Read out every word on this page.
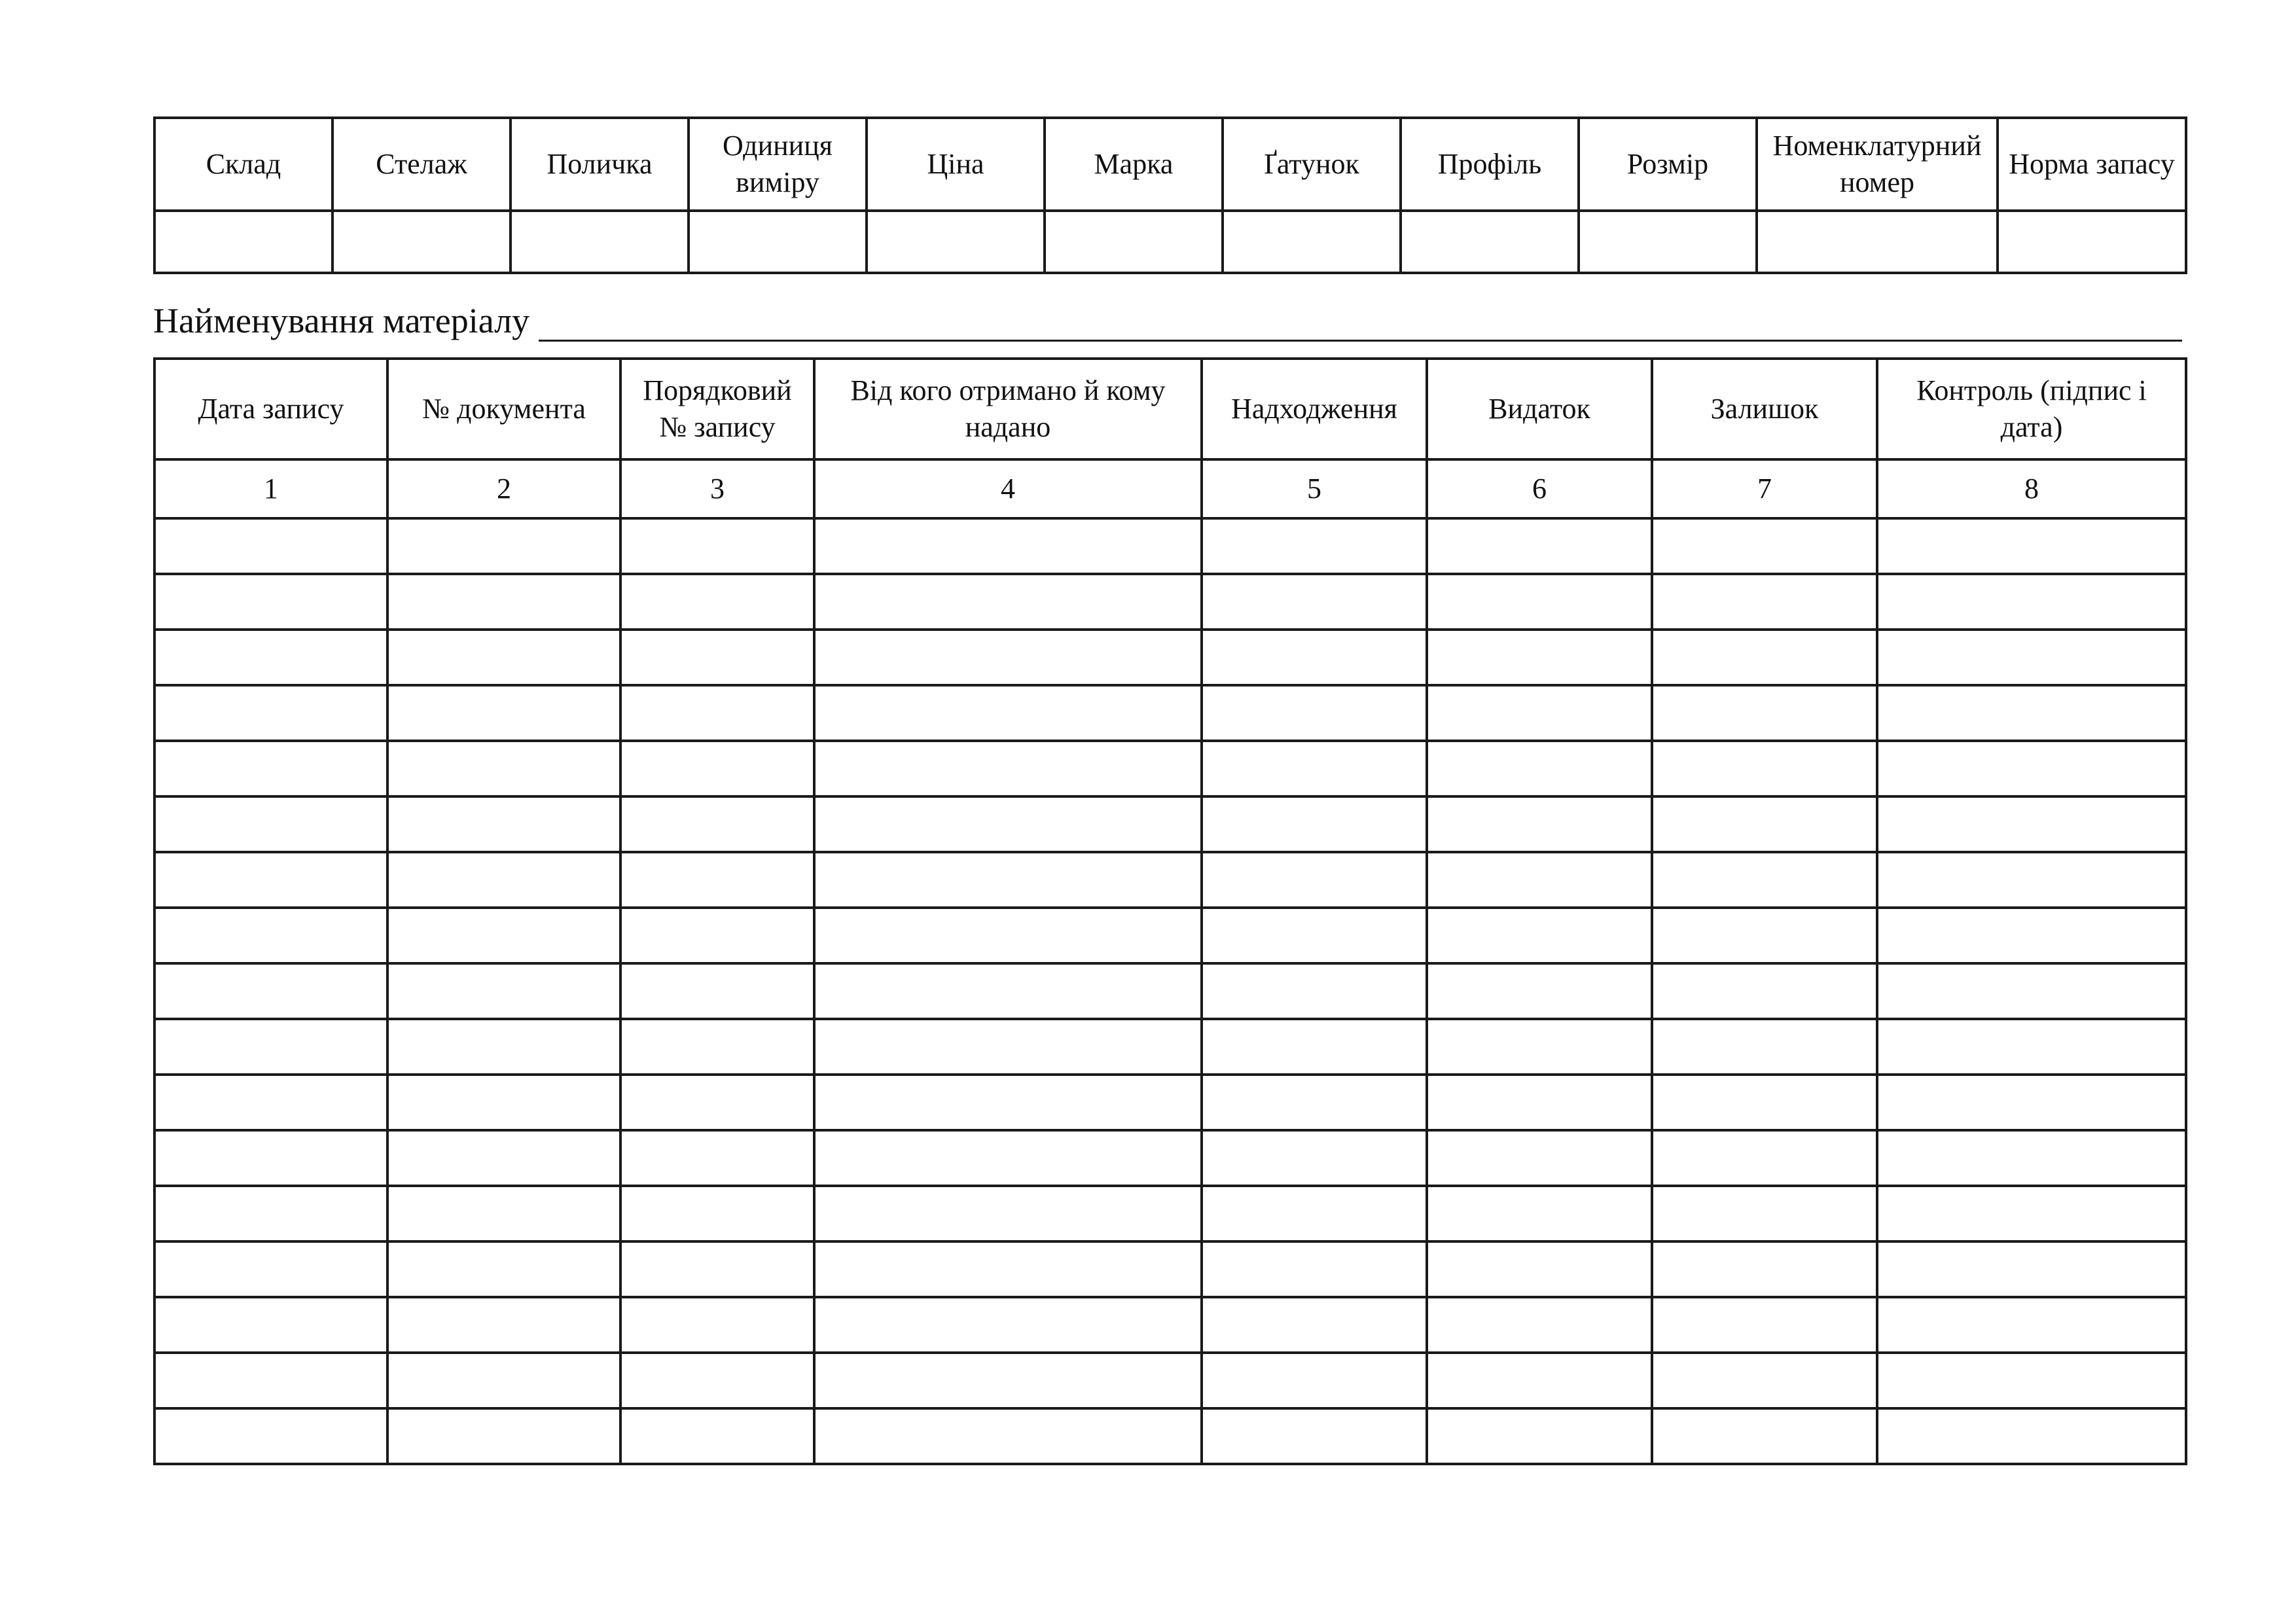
Склад	Стелаж	Поличка	Одиниця виміру	Ціна	Марка	Ґатунок	Профіль	Розмір	Номенклатурний номер	Норма запасу

Найменування матеріалу
Дата запису	№ документа	Порядковий № запису	Від кого отримано й кому надано	Надходження	Видаток	Залишок	Контроль (підпис і дата)
1	2	3	4	5	6	7	8
